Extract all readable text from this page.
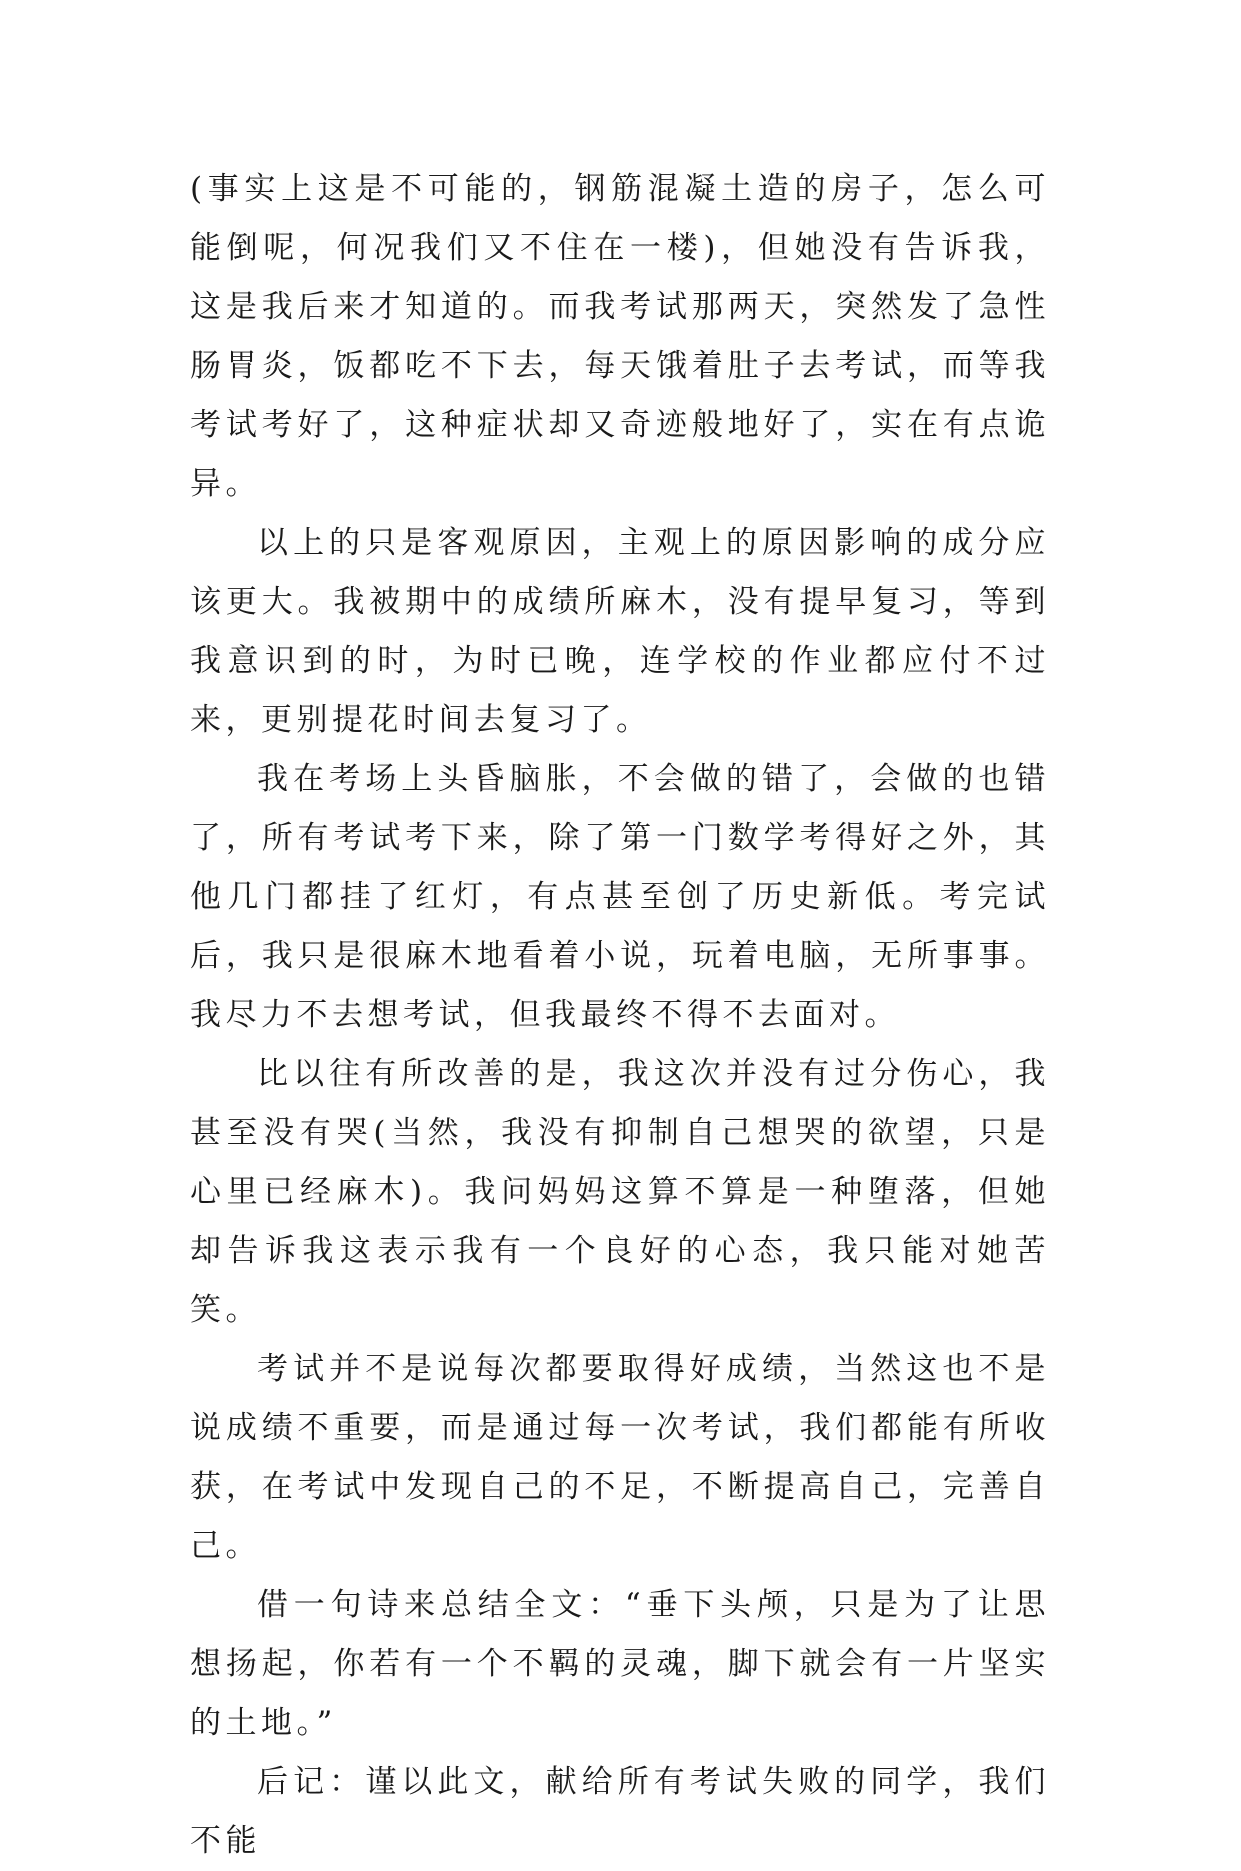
(事实上这是不可能的，钢筋混凝土造的房子，怎么可能倒呢，何况我们又不住在一楼)，但她没有告诉我，这是我后来才知道的。而我考试那两天，突然发了急性肠胃炎，饭都吃不下去，每天饿着肚子去考试，而等我考试考好了，这种症状却又奇迹般地好了，实在有点诡异。

以上的只是客观原因，主观上的原因影响的成分应该更大。我被期中的成绩所麻木，没有提早复习，等到我意识到的时，为时已晚，连学校的作业都应付不过来，更别提花时间去复习了。

我在考场上头昏脑胀，不会做的错了，会做的也错了，所有考试考下来，除了第一门数学考得好之外，其他几门都挂了红灯，有点甚至创了历史新低。考完试后，我只是很麻木地看着小说，玩着电脑，无所事事。我尽力不去想考试，但我最终不得不去面对。

比以往有所改善的是，我这次并没有过分伤心，我甚至没有哭(当然，我没有抑制自己想哭的欲望，只是心里已经麻木)。我问妈妈这算不算是一种堕落，但她却告诉我这表示我有一个良好的心态，我只能对她苦笑。

考试并不是说每次都要取得好成绩，当然这也不是说成绩不重要，而是通过每一次考试，我们都能有所收获，在考试中发现自己的不足，不断提高自己，完善自己。

借一句诗来总结全文：“垂下头颅，只是为了让思想扬起，你若有一个不羁的灵魂，脚下就会有一片坚实的土地。”

后记：谨以此文，献给所有考试失败的同学，我们不能
